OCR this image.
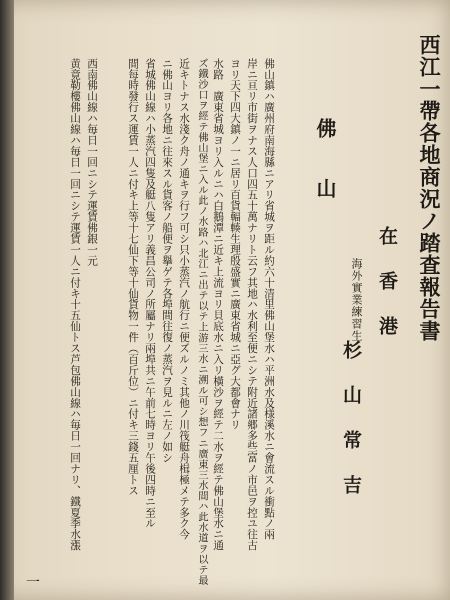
西江一帶各地商況ノ踏査報告書
在香港
海外實業練習生
杉山常吉
佛山
佛山鎮ハ廣州府南海縣ニアリ省城ヲ距ル約六十清里佛山堡水ハ平洲水及様溪水ニ會流スル衝點ノ兩
岸ニ亘リ市街ヲナス人口四五十萬ナリト云フ其地ハ水利至便ニシテ附近諸郷多些富ノ市邑ヲ控ユ往古
ヨリ天下四大鎮ノ一ニ居リ百貨輻輳生理殷盛實ニ廣東省城ニ亞グ大都會ナリ
水路　廣東省城ヨリ入ルニハ白鵝潭ニ近キ上流ヨリ貝底水ニ入リ橫沙ヲ經テ二水ヲ經テ佛山堡水ニ通
ズ鐵沙口ヲ經テ佛山堡ニ入ル此ノ水路ハ北江ニ出テ以テ上游三水ニ溯ル可シ想フニ廣東三水間ハ此水道ヲ以テ最
近キトナス水淺ク舟ノ通キヲ行フ可シ只小蒸汽ノ航行ニ便ズルノミ其他ノ川筏艇舟楫極メテ多ク今
ニ佛山ヨリ各地ニ往來スル貨客ノ船便ヲ擧ゲテ各埠間往復ノ蒸汽ヲ見ルニ左ノ如シ
省城佛山線ハ小蒸汽四隻及艇八隻アリ義昌公司ノ所屬ナリ兩埠共ニ午前七時ヨリ午後四時ニ至ル
間每時發行ス運賃一人ニ付キ上等十七仙下等十仙貨物一件（百斤位）ニ付キ三錢五厘トス
西南佛山線ハ毎日一回ニシテ運賃佛銀一元
黄竟勒樓佛山線ハ毎日一回ニシテ運賃一人ニ付キ十五仙トス芦包佛山線ハ毎日一回ナリ、鐵夏季水漲
一
